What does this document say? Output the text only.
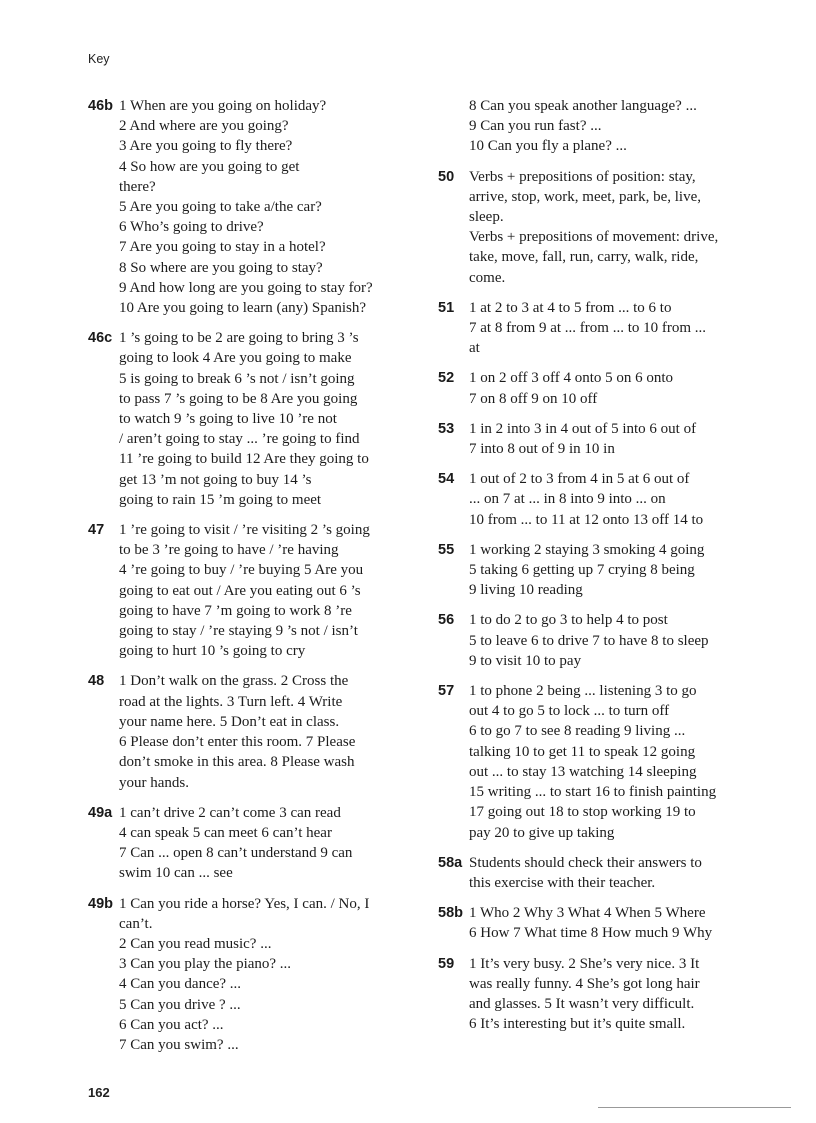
Key
46b 1 When are you going on holiday?
2 And where are you going?
3 Are you going to fly there?
4 So how are you going to get
there?
5 Are you going to take a/the car?
6 Who’s going to drive?
7 Are you going to stay in a hotel?
8 So where are you going to stay?
9 And how long are you going to stay for?
10 Are you going to learn (any) Spanish?
46c 1 ’s going to be 2 are going to bring 3 ’s
going to look 4 Are you going to make
5 is going to break 6 ’s not / isn’t going
to pass 7 ’s going to be 8 Are you going
to watch 9 ’s going to live 10 ’re not
/ aren’t going to stay ... ’re going to find
11 ’re going to build 12 Are they going to
get 13 ’m not going to buy 14 ’s
going to rain 15 ’m going to meet
47 1 ’re going to visit / ’re visiting 2 ’s going
to be 3 ’re going to have / ’re having
4 ’re going to buy / ’re buying 5 Are you
going to eat out / Are you eating out 6 ’s
going to have 7 ’m going to work 8 ’re
going to stay / ’re staying 9 ’s not / isn’t
going to hurt 10 ’s going to cry
48 1 Don’t walk on the grass. 2 Cross the
road at the lights. 3 Turn left. 4 Write
your name here. 5 Don’t eat in class.
6 Please don’t enter this room. 7 Please
don’t smoke in this area. 8 Please wash
your hands.
49a 1 can’t drive 2 can’t come 3 can read
4 can speak 5 can meet 6 can’t hear
7 Can ... open 8 can’t understand 9 can
swim 10 can ... see
49b 1 Can you ride a horse? Yes, I can. / No, I
can’t.
2 Can you read music? ...
3 Can you play the piano? ...
4 Can you dance? ...
5 Can you drive ? ...
6 Can you act? ...
7 Can you swim? ...
8 Can you speak another language? ...
9 Can you run fast? ...
10 Can you fly a plane? ...
50 Verbs + prepositions of position: stay,
arrive, stop, work, meet, park, be, live,
sleep.
Verbs + prepositions of movement: drive,
take, move, fall, run, carry, walk, ride,
come.
51 1 at 2 to 3 at 4 to 5 from ... to 6 to
7 at 8 from 9 at ... from ... to 10 from ...
at
52 1 on 2 off 3 off 4 onto 5 on 6 onto
7 on 8 off 9 on 10 off
53 1 in 2 into 3 in 4 out of 5 into 6 out of
7 into 8 out of 9 in 10 in
54 1 out of 2 to 3 from 4 in 5 at 6 out of
... on 7 at ... in 8 into 9 into ... on
10 from ... to 11 at 12 onto 13 off 14 to
55 1 working 2 staying 3 smoking 4 going
5 taking 6 getting up 7 crying 8 being
9 living 10 reading
56 1 to do 2 to go 3 to help 4 to post
5 to leave 6 to drive 7 to have 8 to sleep
9 to visit 10 to pay
57 1 to phone 2 being ... listening 3 to go
out 4 to go 5 to lock ... to turn off
6 to go 7 to see 8 reading 9 living ...
talking 10 to get 11 to speak 12 going
out ... to stay 13 watching 14 sleeping
15 writing ... to start 16 to finish painting
17 going out 18 to stop working 19 to
pay 20 to give up taking
58a Students should check their answers to
this exercise with their teacher.
58b 1 Who 2 Why 3 What 4 When 5 Where
6 How 7 What time 8 How much 9 Why
59 1 It’s very busy. 2 She’s very nice. 3 It
was really funny. 4 She’s got long hair
and glasses. 5 It wasn’t very difficult.
6 It’s interesting but it’s quite small.
162
